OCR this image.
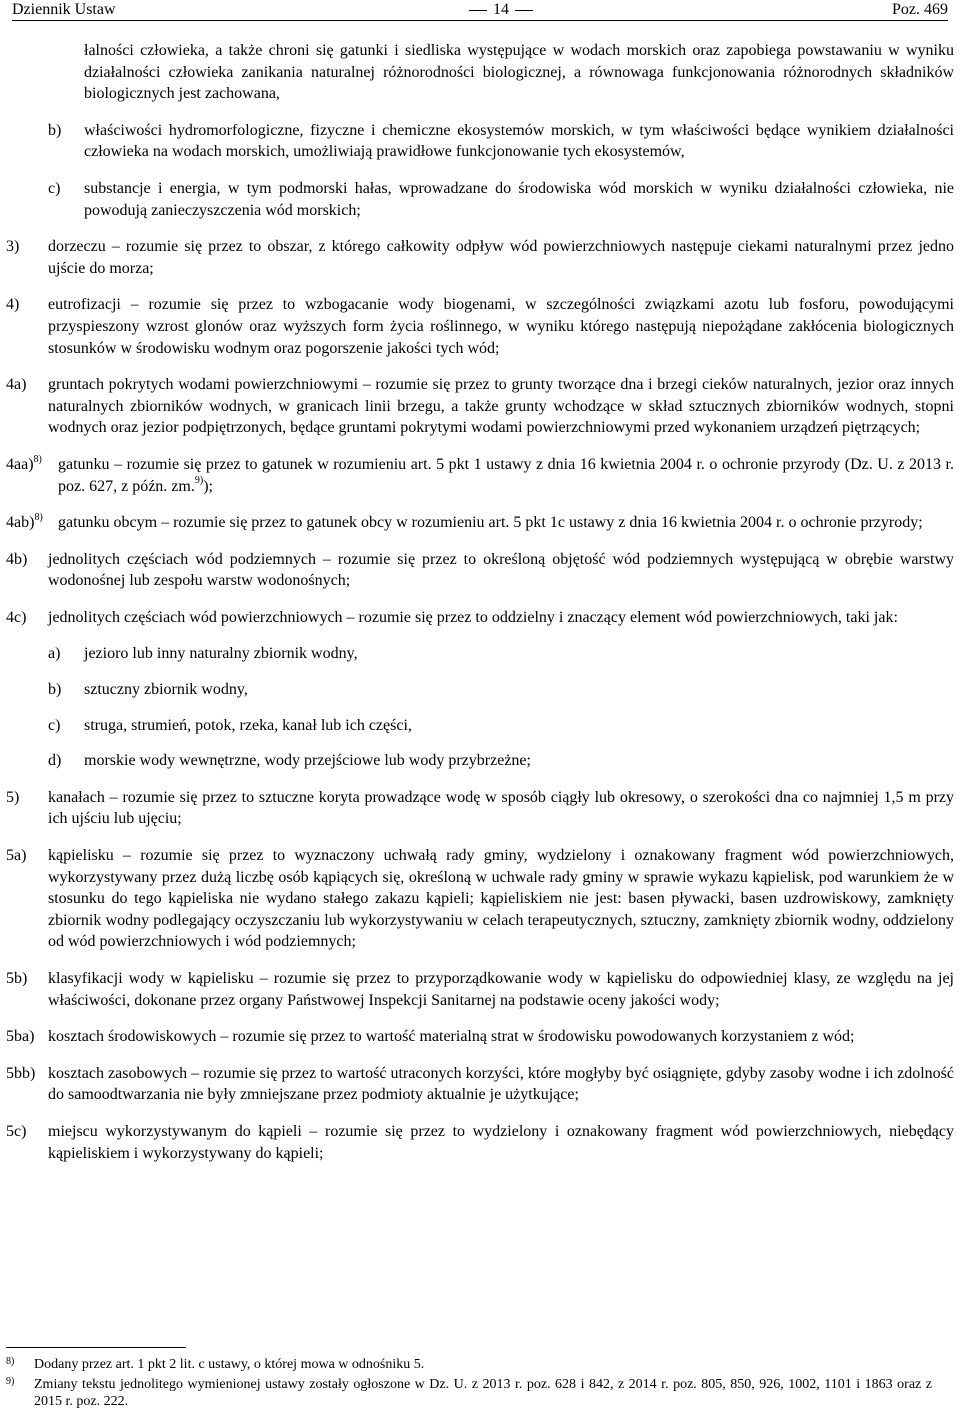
Dziennik Ustaw	14	Poz. 469
łalności człowieka, a także chroni się gatunki i siedliska występujące w wodach morskich oraz zapobiega powstawaniu w wyniku działalności człowieka zanikania naturalnej różnorodności biologicznej, a równowaga funkcjonowania różnorodnych składników biologicznych jest zachowana,
b)	właściwości hydromorfologiczne, fizyczne i chemiczne ekosystemów morskich, w tym właściwości będące wynikiem działalności człowieka na wodach morskich, umożliwiają prawidłowe funkcjonowanie tych ekosystemów,
c)	substancje i energia, w tym podmorski hałas, wprowadzane do środowiska wód morskich w wyniku działalności człowieka, nie powodują zanieczyszczenia wód morskich;
3)	dorzeczu – rozumie się przez to obszar, z którego całkowity odpływ wód powierzchniowych następuje ciekami naturalnymi przez jedno ujście do morza;
4)	eutrofizacji – rozumie się przez to wzbogacanie wody biogenami, w szczególności związkami azotu lub fosforu, powodującymi przyspieszony wzrost glonów oraz wyższych form życia roślinnego, w wyniku którego następują niepożądane zakłócenia biologicznych stosunków w środowisku wodnym oraz pogorszenie jakości tych wód;
4a)	gruntach pokrytych wodami powierzchniowymi – rozumie się przez to grunty tworzące dna i brzegi cieków naturalnych, jezior oraz innych naturalnych zbiorników wodnych, w granicach linii brzegu, a także grunty wchodzące w skład sztucznych zbiorników wodnych, stopni wodnych oraz jezior podpiętrzonych, będące gruntami pokrytymi wodami powierzchniowymi przed wykonaniem urządzeń piętrzących;
4aa)$^{8)}$	gatunku – rozumie się przez to gatunek w rozumieniu art. 5 pkt 1 ustawy z dnia 16 kwietnia 2004 r. o ochronie przyrody (Dz. U. z 2013 r. poz. 627, z późn. zm.$^{9)}$);
4ab)$^{8)}$ gatunku obcym – rozumie się przez to gatunek obcy w rozumieniu art. 5 pkt 1c ustawy z dnia 16 kwietnia 2004 r. o ochronie przyrody;
4b)	jednolitych częściach wód podziemnych – rozumie się przez to określoną objętość wód podziemnych występującą w obrębie warstwy wodonośnej lub zespołu warstw wodonośnych;
4c)	jednolitych częściach wód powierzchniowych – rozumie się przez to oddzielny i znaczący element wód powierzchniowych, taki jak:
a)	jezioro lub inny naturalny zbiornik wodny,
b)	sztuczny zbiornik wodny,
c)	struga, strumień, potok, rzeka, kanał lub ich części,
d)	morskie wody wewnętrzne, wody przejściowe lub wody przybrzeżne;
5)	kanałach – rozumie się przez to sztuczne koryta prowadzące wodę w sposób ciągły lub okresowy, o szerokości dna co najmniej 1,5 m przy ich ujściu lub ujęciu;
5a)	kąpielisku – rozumie się przez to wyznaczony uchwałą rady gminy, wydzielony i oznakowany fragment wód powierzchniowych, wykorzystywany przez dużą liczbę osób kąpiących się, określoną w uchwale rady gminy w sprawie wykazu kąpielisk, pod warunkiem że w stosunku do tego kąpieliska nie wydano stałego zakazu kąpieli; kąpieliskiem nie jest: basen pływacki, basen uzdrowiskowy, zamknięty zbiornik wodny podlegający oczyszczaniu lub wykorzystywaniu w celach terapeutycznych, sztuczny, zamknięty zbiornik wodny, oddzielony od wód powierzchniowych i wód podziemnych;
5b)	klasyfikacji wody w kąpielisku – rozumie się przez to przyporządkowanie wody w kąpielisku do odpowiedniej klasy, ze względu na jej właściwości, dokonane przez organy Państwowej Inspekcji Sanitarnej na podstawie oceny jakości wody;
5ba) kosztach środowiskowych – rozumie się przez to wartość materialną strat w środowisku powodowanych korzystaniem z wód;
5bb) kosztach zasobowych – rozumie się przez to wartość utraconych korzyści, które mogłyby być osiągnięte, gdyby zasoby wodne i ich zdolność do samoodtwarzania nie były zmniejszane przez podmioty aktualnie je użytkujące;
5c)	miejscu wykorzystywanym do kąpieli – rozumie się przez to wydzielony i oznakowany fragment wód powierzchniowych, niebędący kąpieliskiem i wykorzystywany do kąpieli;
8)	Dodany przez art. 1 pkt 2 lit. c ustawy, o której mowa w odnośniku 5.
9)	Zmiany tekstu jednolitego wymienionej ustawy zostały ogłoszone w Dz. U. z 2013 r. poz. 628 i 842, z 2014 r. poz. 805, 850, 926, 1002, 1101 i 1863 oraz z 2015 r. poz. 222.
